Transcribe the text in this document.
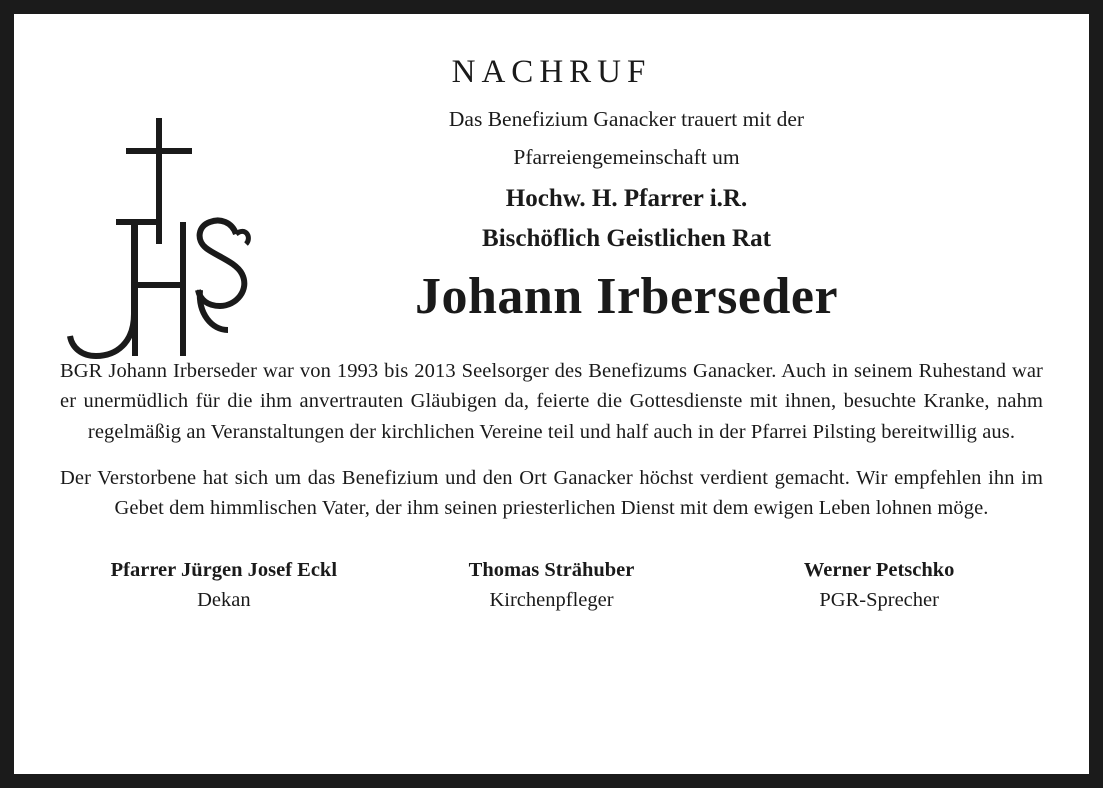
NACHRUF
Das Benefizium Ganacker trauert mit der
Pfarreiengemeinschaft um
Hochw. H. Pfarrer i.R.
Bischöflich Geistlichen Rat
Johann Irberseder

BGR Johann Irberseder war von 1993 bis 2013 Seelsorger des Benefizums Ganacker. Auch in seinem Ruhestand war er unermüdlich für die ihm anvertrauten Gläubigen da, feierte die Gottesdienste mit ihnen, besuchte Kranke, nahm regelmäßig an Veranstaltungen der kirchlichen Vereine teil und half auch in der Pfarrei Pilsting bereitwillig aus.

Der Verstorbene hat sich um das Benefizium und den Ort Ganacker höchst verdient gemacht. Wir empfehlen ihn im Gebet dem himmlischen Vater, der ihm seinen priesterlichen Dienst mit dem ewigen Leben lohnen möge.

Pfarrer Jürgen Josef Eckl
Dekan
Thomas Strähuber
Kirchenpfleger
Werner Petschko
PGR-Sprecher
